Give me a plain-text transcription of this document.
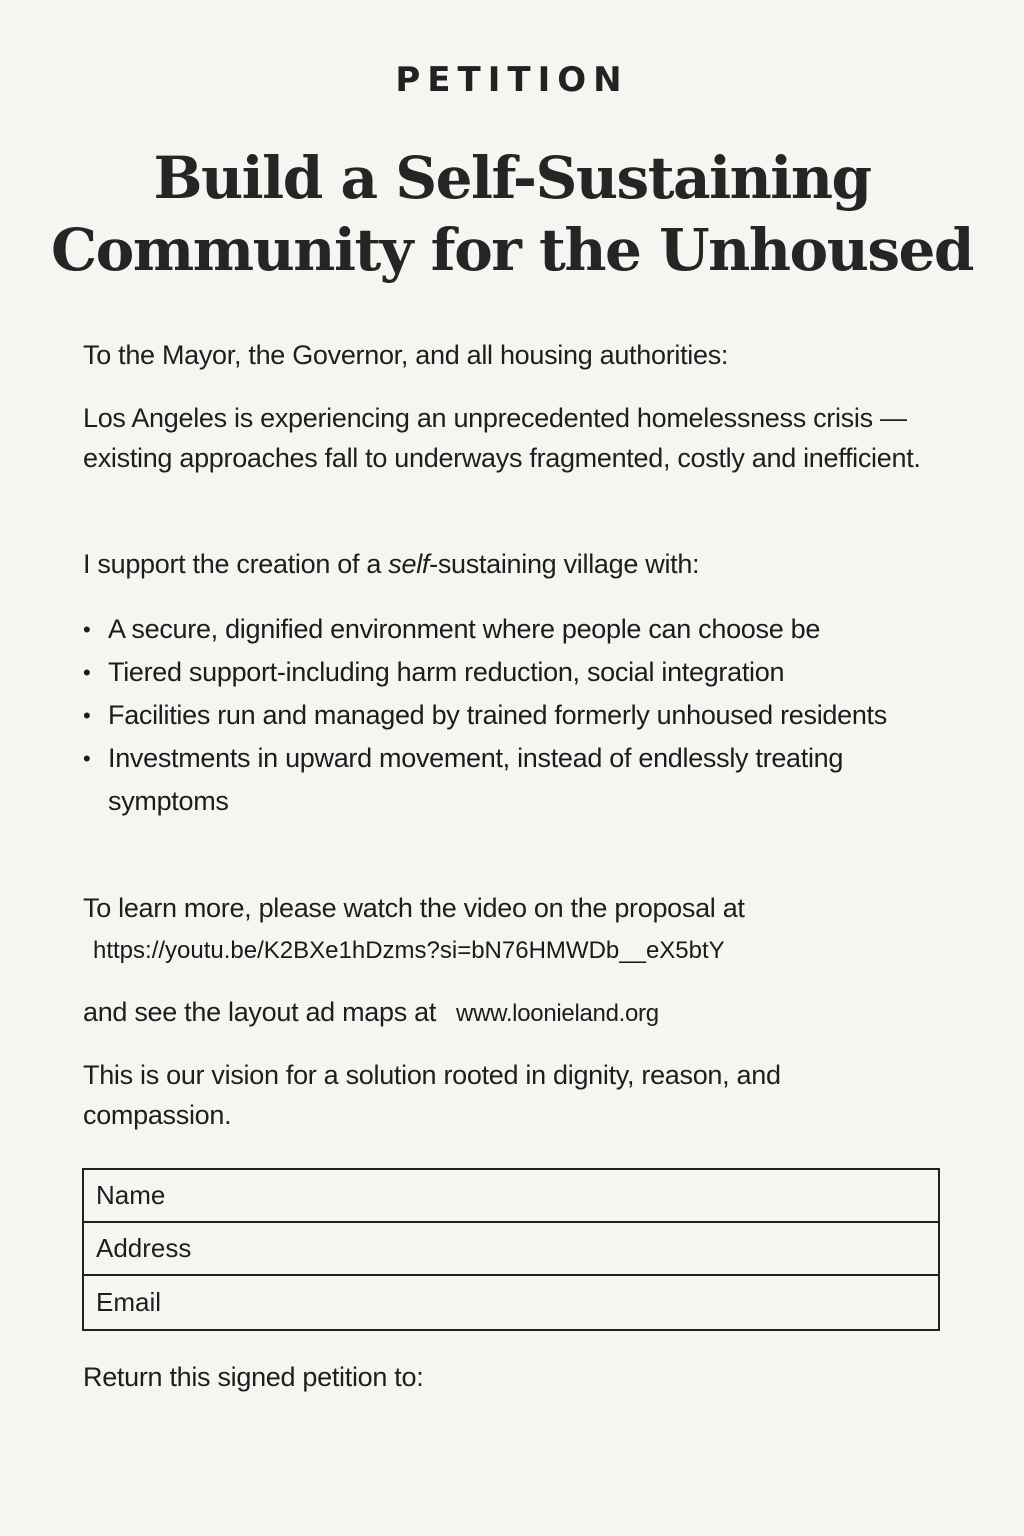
PETITION
Build a Self-Sustaining
Community for the Unhoused

To the Mayor, the Governor, and all housing authorities:

Los Angeles is experiencing an unprecedented homelessness crisis — existing approaches fall to underways fragmented, costly and inefficient.

I support the creation of a self-sustaining village with:

• A secure, dignified environment where people can choose be
• Tiered support-including harm reduction, social integration
• Facilities run and managed by trained formerly unhoused residents
• Investments in upward movement, instead of endlessly treating symptoms

To learn more, please watch the video on the proposal at

https://youtu.be/K2BXe1hDzms?si=bN76HMWDb__eX5btY

and see the layout ad maps at www.loonieland.org

This is our vision for a solution rooted in dignity, reason, and compassion.

Name
Address
Email

Return this signed petition to:
